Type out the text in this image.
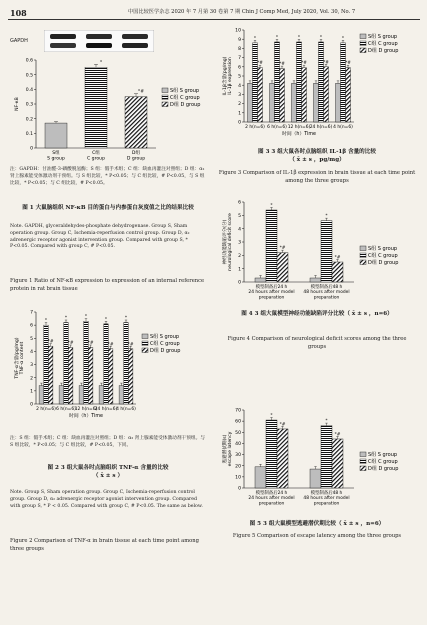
108	中国比较医学杂志 2020 年 7 月第 30 卷第 7 期 Chin J Comp Med, July 2020, Vol. 30, No. 7
GAPDH
0
0.1
0.2
0.3
0.4
0.5
0.6
NF-κB
S组
S group
*
C组
C group
*#
D组
D group
S组 S group
C组 C group
D组 D group
注：GAPDH：甘油醛-3-磷酸脱氢酶；S 组：假手术组；C 组：缺血再灌注对照组；D 组：α₂ 肾上腺素能受体激动剂干预组。与 S 组比较，* P<0.05；与 C 组比较，# P<0.05，与 S 组比较，* P<0.05；与 C 组比较，# P<0.05。
图 1 大鼠脑组织 NF-κB 目的蛋白与内参蛋白灰度值之比的结果比较
Note. GAPDH, glyceraldehydes-phosphate dehydrogenase. Group S, Sham operation group. Group C, Ischemia-reperfusion control group. Group D, α₂ adrenergic receptor agonist intervention group. Compared with group S, * P<0.05. Compared with group C, # P<0.05.
Figure 1 Ratio of NF-κB expression to expression of an internal reference protein in rat brain tissue
0
1
2
3
4
5
6
7
TNF-α含量(pg/mg) TNF-α content
*
*	*
*	*
*#	*#	*#	*#	*#
2 h(n=6) 6 h(n=6)
12 h(n=6)
24 h(n=6)
4 h(n=6)
时间（h）Time
S组 S group
C组 C group
D组 D group
注：S 组：假手术组；C 组：缺血再灌注对照组；D 组：α₂ 肾上腺素能受体激动剂干预组。与 S 组比较，* P<0.05；与 C 组比较，# P<0.05，下同。
图 2 3 组大鼠各时点脑组织 TNF-α 含量的比较
（ x̄ ± s ）
Note. Group S, Sham operation group. Group C, Ischemia-reperfusion control group. Group D, α₂ adrenergic receptor agonist intervention group. Compared with group S, * P < 0.05. Compared with group C, # P<0.05. The same as below.
Figure 2 Comparison of TNF-α in brain tissue at each time point among three groups
0
1
2
3
4
5
6
7
8
9
10
IL-1β含量(pg/mg) IL-1β expression
*	*	*	*	*
*#	*#	*#	*#	*#
2 h(n=6) 6 h(n=6) 12 h(n=6) 24 h(n=6) 4 h(n=6)
时间（h）Time
S组 S group
C组 C group
D组 D group
图 3 3 组大鼠各时点脑组织 IL-1β 含量的比较
（ x̄ ± s ，pg/mg）
Figure 3 Comparison of IL-1β expression in brain tissue at each time point among the three groups
0
1
2
3
4
5
6
神经功能缺陷评分(分) neurological deficit score
*
*
*#
*#
模型制备后24 h
24 hours after model
preparation
模型制备后48 h
48 hours after model
preparation
S组 S group
C组 C group
D组 D group
图 4 3 组大鼠模型神经功能缺陷评分比较（ x̄ ± s ，n=6）
Figure 4 Comparison of neurological deficit scores among the three groups
0
10
20
30
40
50
60
70
逃避潜伏期(s) escape latency
*
*
*#
*#
模型制备后24 h
24 hours after model
preparation
模型制备后48 h
48 hours after model
preparation
S组 S group
C组 C group
D组 D group
图 5 3 组大鼠模型逃避潜伏期比较（ x̄ ± s ，n=6）
Figure 5 Comparison of escape latency among the three groups
